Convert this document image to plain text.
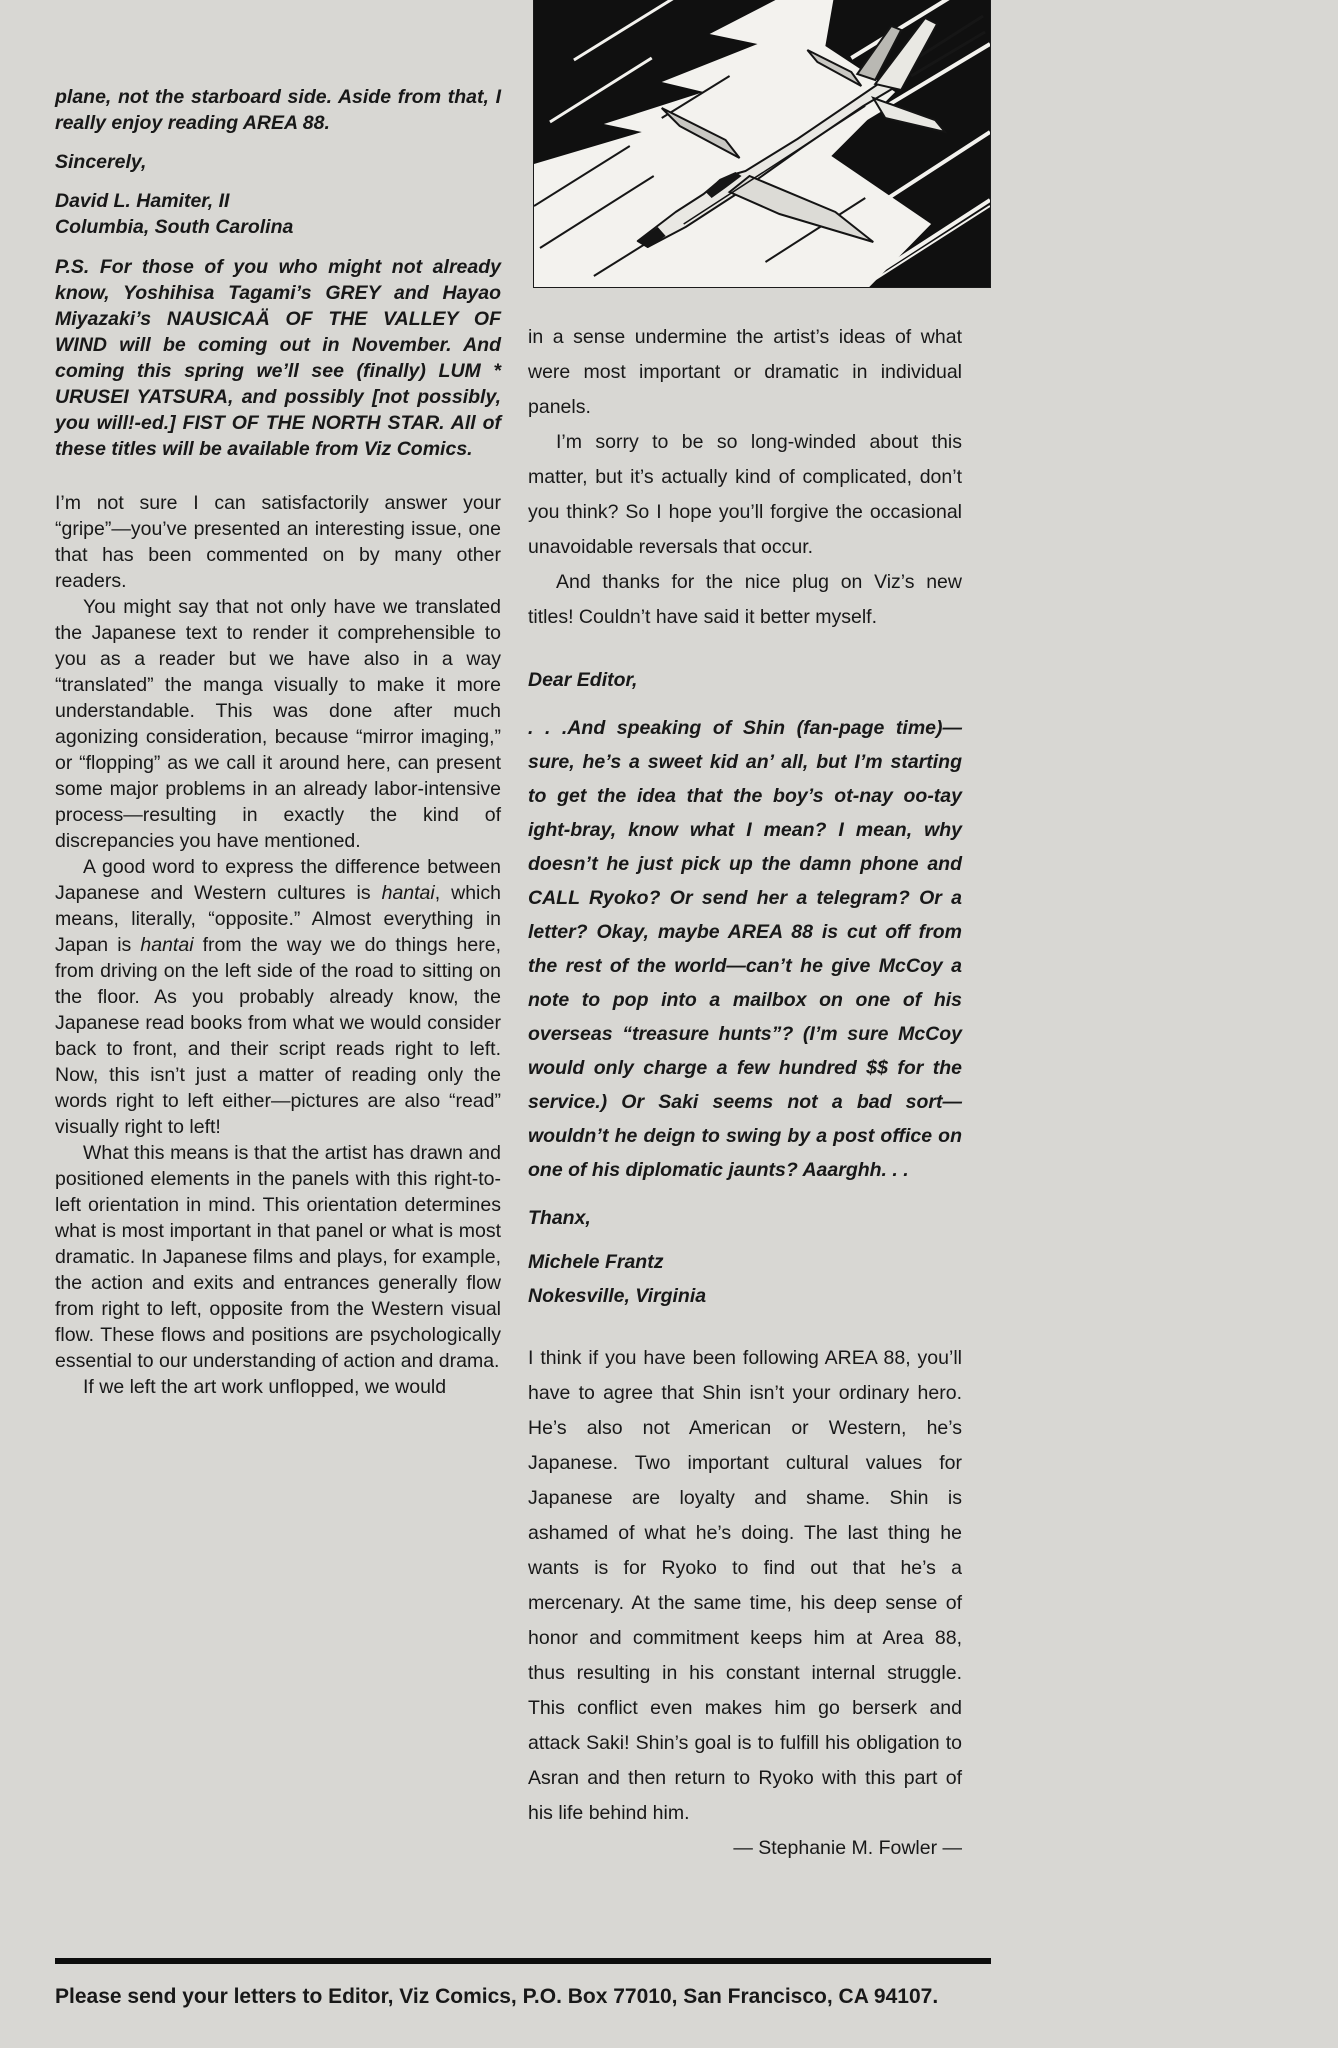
plane, not the starboard side. Aside from that, I really enjoy reading AREA 88.

Sincerely,

David L. Hamiter, II

Columbia, South Carolina

P.S. For those of you who might not already know, Yoshihisa Tagami’s GREY and Hayao Miyazaki’s NAUSICAÄ OF THE VALLEY OF WIND will be coming out in November. And coming this spring we’ll see (finally) LUM * URUSEI YATSURA, and possibly [not possibly, you will!-ed.] FIST OF THE NORTH STAR. All of these titles will be available from Viz Comics.

I’m not sure I can satisfactorily answer your “gripe”—you’ve presented an interesting issue, one that has been commented on by many other readers.

You might say that not only have we translated the Japanese text to render it comprehensible to you as a reader but we have also in a way “translated” the manga visually to make it more understandable. This was done after much agonizing consideration, because “mirror imaging,” or “flopping” as we call it around here, can present some major problems in an already labor-intensive process—resulting in exactly the kind of discrepancies you have mentioned.

A good word to express the difference between Japanese and Western cultures is hantai, which means, literally, “opposite.” Almost everything in Japan is hantai from the way we do things here, from driving on the left side of the road to sitting on the floor. As you probably already know, the Japanese read books from what we would consider back to front, and their script reads right to left. Now, this isn’t just a matter of reading only the words right to left either—pictures are also “read” visually right to left!

What this means is that the artist has drawn and positioned elements in the panels with this right-to-left orientation in mind. This orientation determines what is most important in that panel or what is most dramatic. In Japanese films and plays, for example, the action and exits and entrances generally flow from right to left, opposite from the Western visual flow. These flows and positions are psychologically essential to our understanding of action and drama.

If we left the art work unflopped, we would

in a sense undermine the artist’s ideas of what were most important or dramatic in individual panels.

I’m sorry to be so long-winded about this matter, but it’s actually kind of complicated, don’t you think? So I hope you’ll forgive the occasional unavoidable reversals that occur.

And thanks for the nice plug on Viz’s new titles! Couldn’t have said it better myself.

Dear Editor,

. . .And speaking of Shin (fan-page time)—sure, he’s a sweet kid an’ all, but I’m starting to get the idea that the boy’s ot-nay oo-tay ight-bray, know what I mean? I mean, why doesn’t he just pick up the damn phone and CALL Ryoko? Or send her a telegram? Or a letter? Okay, maybe AREA 88 is cut off from the rest of the world—can’t he give McCoy a note to pop into a mailbox on one of his overseas “treasure hunts”? (I’m sure McCoy would only charge a few hundred $$ for the service.) Or Saki seems not a bad sort—wouldn’t he deign to swing by a post office on one of his diplomatic jaunts? Aaarghh. . .

Thanx,

Michele Frantz

Nokesville, Virginia

I think if you have been following AREA 88, you’ll have to agree that Shin isn’t your ordinary hero. He’s also not American or Western, he’s Japanese. Two important cultural values for Japanese are loyalty and shame. Shin is ashamed of what he’s doing. The last thing he wants is for Ryoko to find out that he’s a mercenary. At the same time, his deep sense of honor and commitment keeps him at Area 88, thus resulting in his constant internal struggle. This conflict even makes him go berserk and attack Saki! Shin’s goal is to fulfill his obligation to Asran and then return to Ryoko with this part of his life behind him.

— Stephanie M. Fowler —

Please send your letters to Editor, Viz Comics, P.O. Box 77010, San Francisco, CA 94107.
